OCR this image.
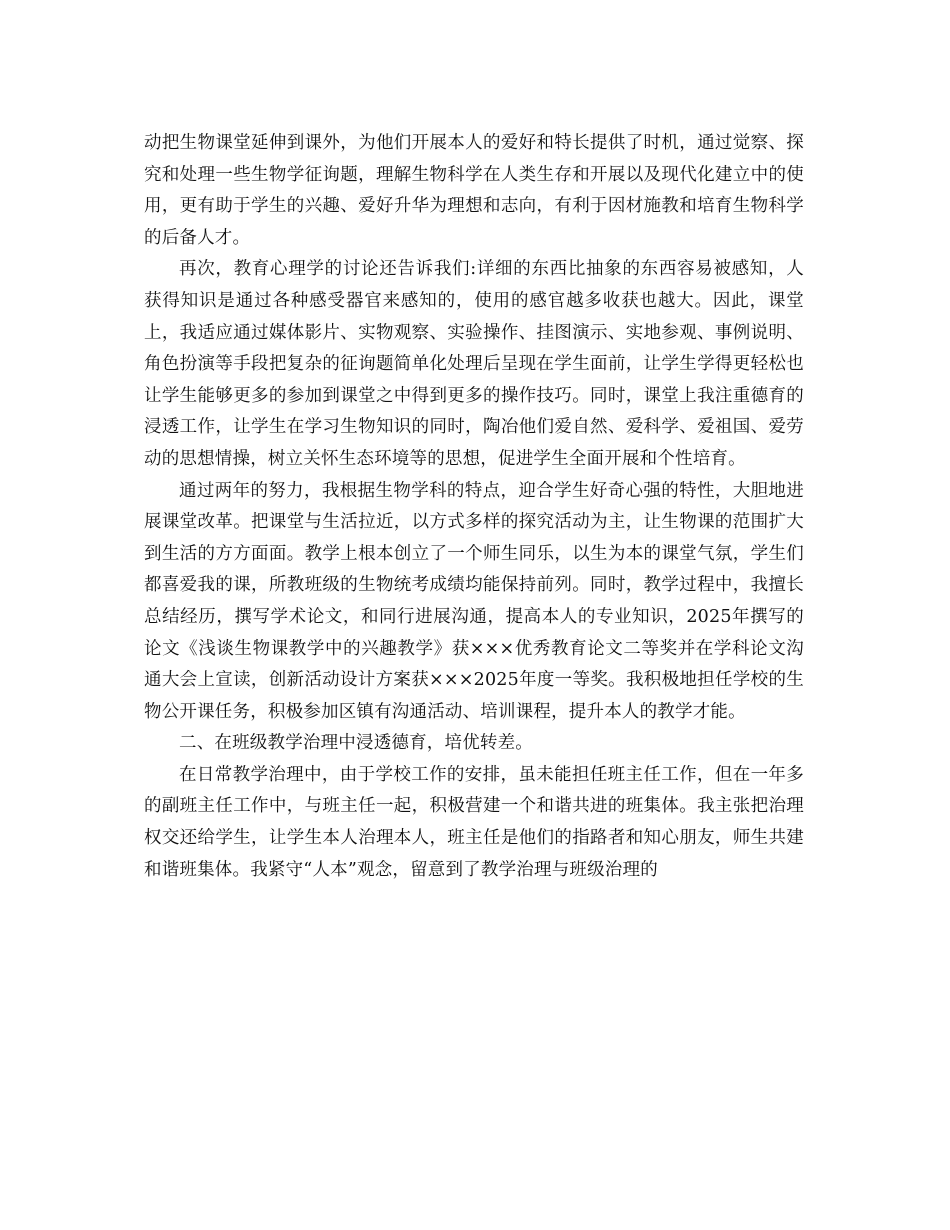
动把生物课堂延伸到课外，为他们开展本人的爱好和特长提供了时机，通过觉察、探究和处理一些生物学征询题，理解生物科学在人类生存和开展以及现代化建立中的使用，更有助于学生的兴趣、爱好升华为理想和志向，有利于因材施教和培育生物科学的后备人才。

再次，教育心理学的讨论还告诉我们:详细的东西比抽象的东西容易被感知，人获得知识是通过各种感受器官来感知的，使用的感官越多收获也越大。因此，课堂上，我适应通过媒体影片、实物观察、实验操作、挂图演示、实地参观、事例说明、角色扮演等手段把复杂的征询题简单化处理后呈现在学生面前，让学生学得更轻松也让学生能够更多的参加到课堂之中得到更多的操作技巧。同时，课堂上我注重德育的浸透工作，让学生在学习生物知识的同时，陶冶他们爱自然、爱科学、爱祖国、爱劳动的思想情操，树立关怀生态环境等的思想，促进学生全面开展和个性培育。

通过两年的努力，我根据生物学科的特点，迎合学生好奇心强的特性，大胆地进展课堂改革。把课堂与生活拉近，以方式多样的探究活动为主，让生物课的范围扩大到生活的方方面面。教学上根本创立了一个师生同乐，以生为本的课堂气氛，学生们都喜爱我的课，所教班级的生物统考成绩均能保持前列。同时，教学过程中，我擅长总结经历，撰写学术论文，和同行进展沟通，提高本人的专业知识，2025年撰写的论文《浅谈生物课教学中的兴趣教学》获×××优秀教育论文二等奖并在学科论文沟通大会上宣读，创新活动设计方案获×××2025年度一等奖。我积极地担任学校的生物公开课任务，积极参加区镇有沟通活动、培训课程，提升本人的教学才能。

二、在班级教学治理中浸透德育，培优转差。

在日常教学治理中，由于学校工作的安排，虽未能担任班主任工作，但在一年多的副班主任工作中，与班主任一起，积极营建一个和谐共进的班集体。我主张把治理权交还给学生，让学生本人治理本人，班主任是他们的指路者和知心朋友，师生共建和谐班集体。我紧守“人本”观念，留意到了教学治理与班级治理的
